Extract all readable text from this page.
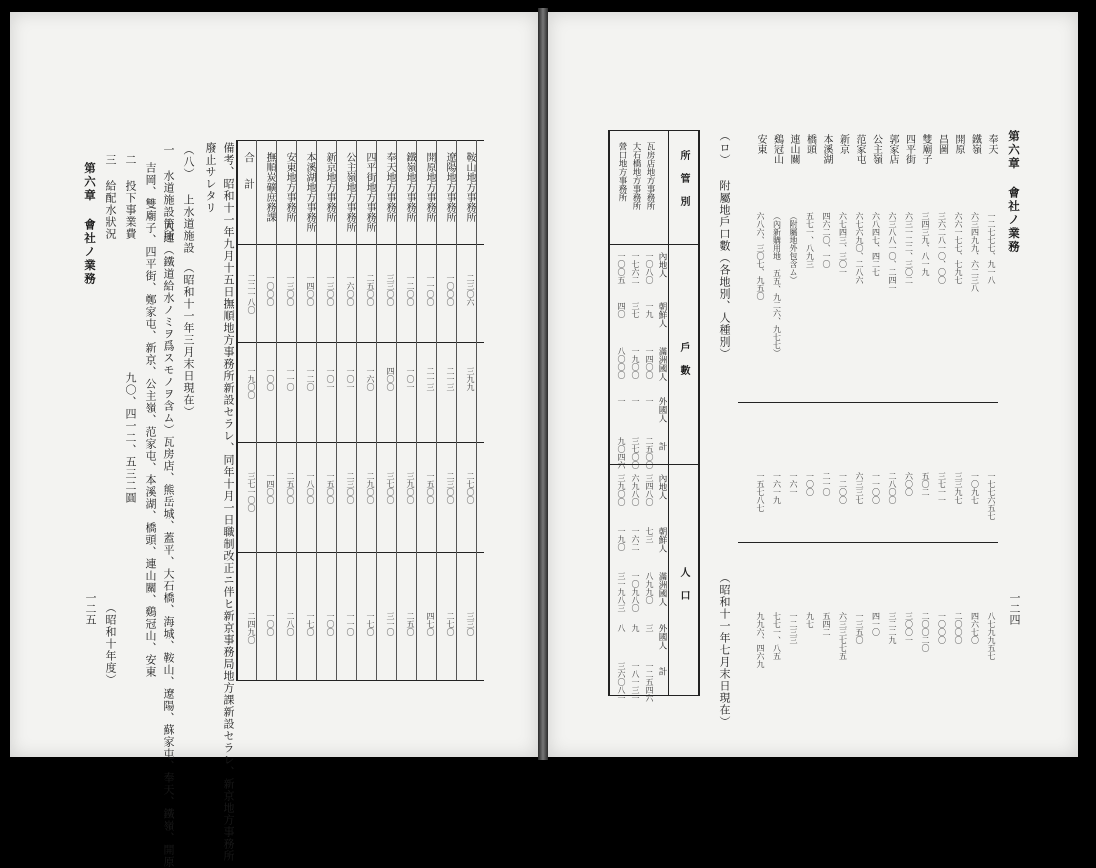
第六章 會社ノ業務
一二五
三 給配水狀況
（昭和十年度）
二 投下事業費
九〇、四一二、五三二圓 吉岡、雙廟子、四平街、鄭家屯、新京、公主嶺、范家屯、本溪湖、橋頭、連山關、鷄冠山、安東 一 水道施設箇所
大連（鐵道給水ノミヲ爲スモノヲ含ム）瓦房店、熊岳城、蓋平、大石橋、海城、鞍山、遼陽、蘇家屯、奉天、鐵嶺、開原
（八） 上水道施設
（昭和十一年三月末日現在）
廢止サレタリ 備考、昭和十一年九月十五日撫順地方事務所新設セラレ、同年十月一日職制改正ニ伴ヒ新京事務局地方課新設セラレ、新京地方事務所 合 計
二二一八〇
一九〇〇
三七一〇〇
二四九〇
鞍山地方事務所
二三〇六
三九九
二七〇〇
三三〇
遼陽地方事務所
一〇〇〇
二一三
二三〇〇
二七〇
開原地方事務所
一一〇〇
二一三
一五〇〇
四七〇
鐵嶺地方事務所
一二〇〇
一〇一
三九〇〇
二五〇
奉天地方事務所
三三〇〇
四〇〇
三七〇〇
三一〇
四平街地方事務所
二五〇〇
一六〇
二九〇〇
一七〇
公主嶺地方事務所
一六〇〇
一〇一
二三〇〇
一一〇
新京地方事務所
一三〇〇
一〇一
一五〇〇
一〇〇
本溪湖地方事務所
一四〇〇
一二〇
一八〇〇
一七〇
安東地方事務所
一三〇〇
一一〇
二五〇〇
二八〇
撫順炭礦庶務課
一〇〇〇
一〇〇
一四〇〇
一〇〇
第六章 會社ノ業務
一二四
奉天
一二七七七、九一八
一七七六五七
八七九九五七
鐵嶺
六三四九九、六二三八
一〇九七
四六七〇
開原
六六一七七、七九七
三三九七
二〇〇〇
昌圖
三六二八一〇、〇〇
三七一一
一〇〇〇
雙廟子
三四三九、八一九
五〇二
二〇〇二〇
四平街
六三一二二、三〇二
六〇〇
三〇〇一
郭家店
六三八八一〇、二四一
二八〇〇
三二二九
公主嶺
六八四七、四二七
一一〇〇
四一〇
范家屯
六七六九〇、二八六
六三三七
一三五〇
新京
六七四三、三〇一
一二〇〇
六三三七七五
本溪湖
四六二〇、一〇
二一〇
五四二
橋頭
五七一、八九三
一〇〇
九七
連山關
（附屬地外包含ム）
一六一
一二三三
鷄冠山
（內新購用地 五五、九二六、九七七）
一六一九
七七一、八五
安東
六八六、三〇七、九五〇
一五七八七
九九六、四六九
（ロ） 附屬地戶口數（各地別、人種別）
（昭和十一年七月末日現在）
所 管 別
戶 數
人 口
內地人
朝鮮人
滿洲國人
外國人
計
內地人
朝鮮人
滿洲國人
外國人
計
瓦房店地方事務所
一〇八〇
一九
一四〇〇
一
二五〇〇
三四八〇
七三
八九九〇
三
一二五四六
大石橋地方事務所
一七六二
三七
一九〇〇
一
三七〇〇
六九八〇
一六二
一〇九八〇
九
一八一三一
營口地方事務所
一〇〇五
四〇
八〇〇〇
一
九〇四六
三九〇〇
一九〇
三一九八三
八
三六〇八一
